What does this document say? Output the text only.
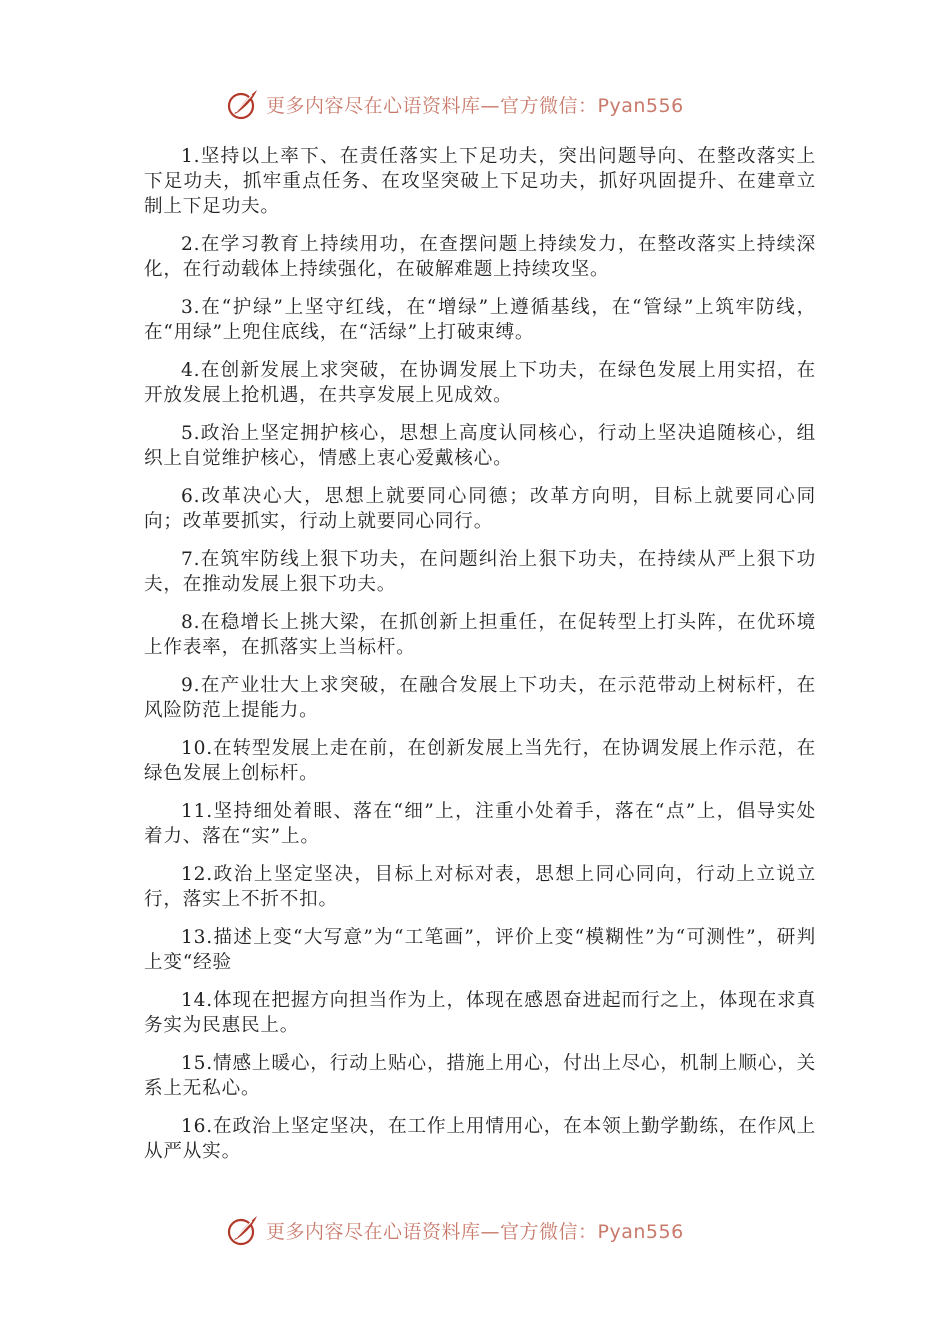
更多内容尽在心语资料库—官方微信：Pyan556

1.坚持以上率下、在责任落实上下足功夫，突出问题导向、在整改落实上下足功夫，抓牢重点任务、在攻坚突破上下足功夫，抓好巩固提升、在建章立制上下足功夫。

2.在学习教育上持续用功，在查摆问题上持续发力，在整改落实上持续深化，在行动载体上持续强化，在破解难题上持续攻坚。

3.在“护绿”上坚守红线，在“增绿”上遵循基线，在“管绿”上筑牢防线，在“用绿”上兜住底线，在“活绿”上打破束缚。

4.在创新发展上求突破，在协调发展上下功夫，在绿色发展上用实招，在开放发展上抢机遇，在共享发展上见成效。

5.政治上坚定拥护核心，思想上高度认同核心，行动上坚决追随核心，组织上自觉维护核心，情感上衷心爱戴核心。

6.改革决心大，思想上就要同心同德；改革方向明，目标上就要同心同向；改革要抓实，行动上就要同心同行。

7.在筑牢防线上狠下功夫，在问题纠治上狠下功夫，在持续从严上狠下功夫，在推动发展上狠下功夫。

8.在稳增长上挑大梁，在抓创新上担重任，在促转型上打头阵，在优环境上作表率，在抓落实上当标杆。

9.在产业壮大上求突破，在融合发展上下功夫，在示范带动上树标杆，在风险防范上提能力。

10.在转型发展上走在前，在创新发展上当先行，在协调发展上作示范，在绿色发展上创标杆。

11.坚持细处着眼、落在“细”上，注重小处着手，落在“点”上，倡导实处着力、落在“实”上。

12.政治上坚定坚决，目标上对标对表，思想上同心同向，行动上立说立行，落实上不折不扣。

13.描述上变“大写意”为“工笔画”，评价上变“模糊性”为“可测性”，研判上变“经验

14.体现在把握方向担当作为上，体现在感恩奋进起而行之上，体现在求真务实为民惠民上。

15.情感上暖心，行动上贴心，措施上用心，付出上尽心，机制上顺心，关系上无私心。

16.在政治上坚定坚决，在工作上用情用心，在本领上勤学勤练，在作风上从严从实。

更多内容尽在心语资料库—官方微信：Pyan556
